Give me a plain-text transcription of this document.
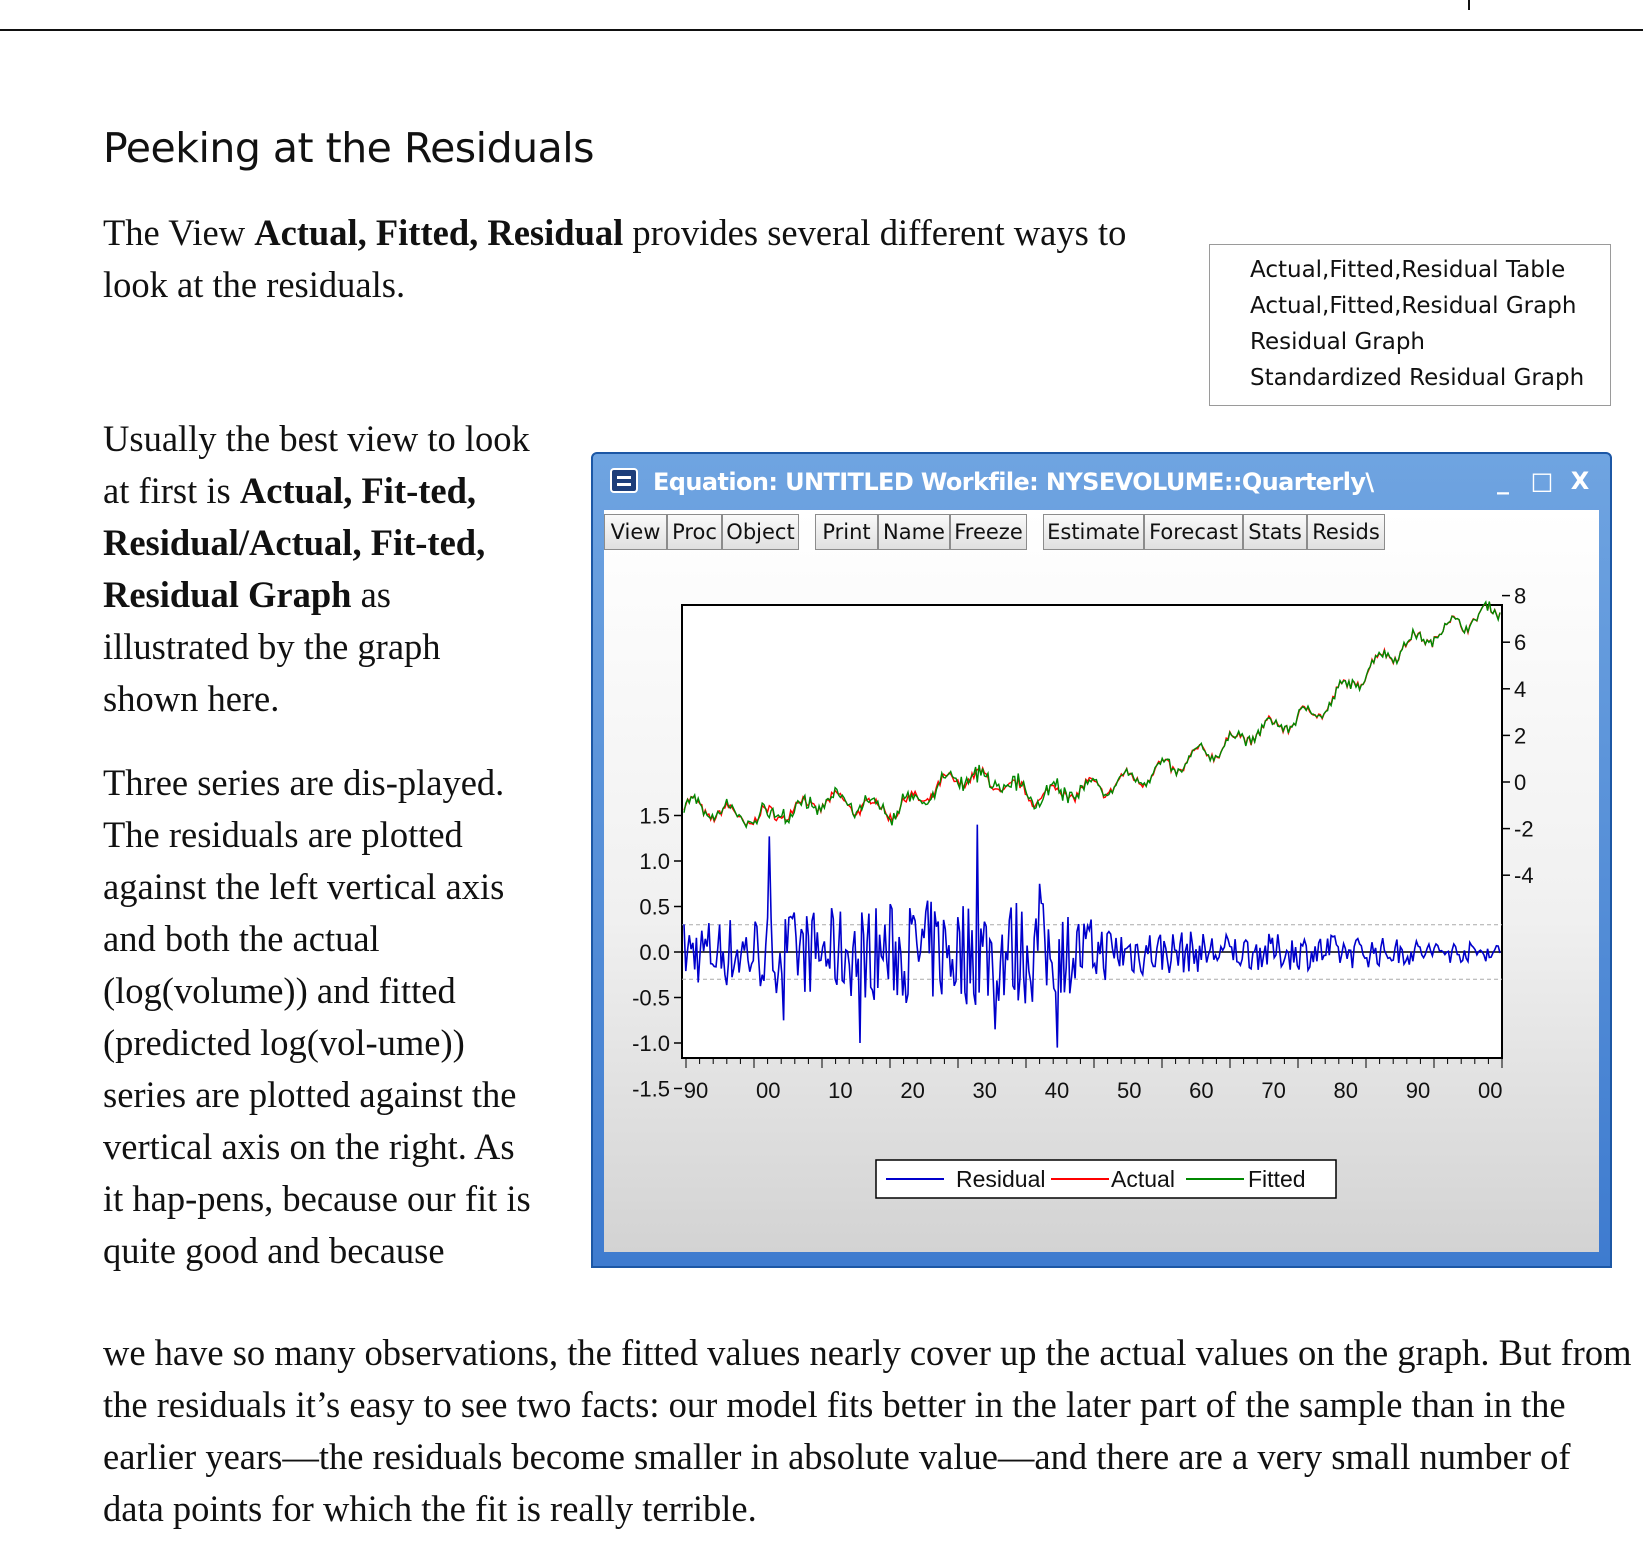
Peeking at the Residuals

The View Actual, Fitted, Residual provides several different ways to look at the residuals.	Actual,Fitted,Residual Table
Actual,Fitted,Residual Graph
Residual Graph
Standardized Residual Graph

Usually the best view to look at first is Actual, Fit-ted, Residual/Actual, Fit-ted, Residual Graph as illustrated by the graph shown here.

Three series are dis-played. The residuals are plotted against the left vertical axis and both the actual (log(volume)) and fitted (predicted log(vol-ume)) series are plotted against the vertical axis on the right. As it hap-pens, because our fit is quite good and because

we have so many observations, the fitted values nearly cover up the actual values on the graph. But from the residuals it’s easy to see two facts: our model fits better in the later part of the sample than in the earlier years—the residuals become smaller in absolute value—and there are a very small number of data points for which the fit is really terrible.

Equation: UNTITLED Workfile: NYSEVOLUME::Quarterly\	_ □ X
View Proc Object	Print Name Freeze Estimate Forecast Stats Resids
1.5
1.0
0.5
0.0
-0.5
-1.0
-1.5
8
6
4
2
0
-2
-4
90 00 10 20 30 40 50 60 70 80 90 00
Residual	Actual	Fitted
